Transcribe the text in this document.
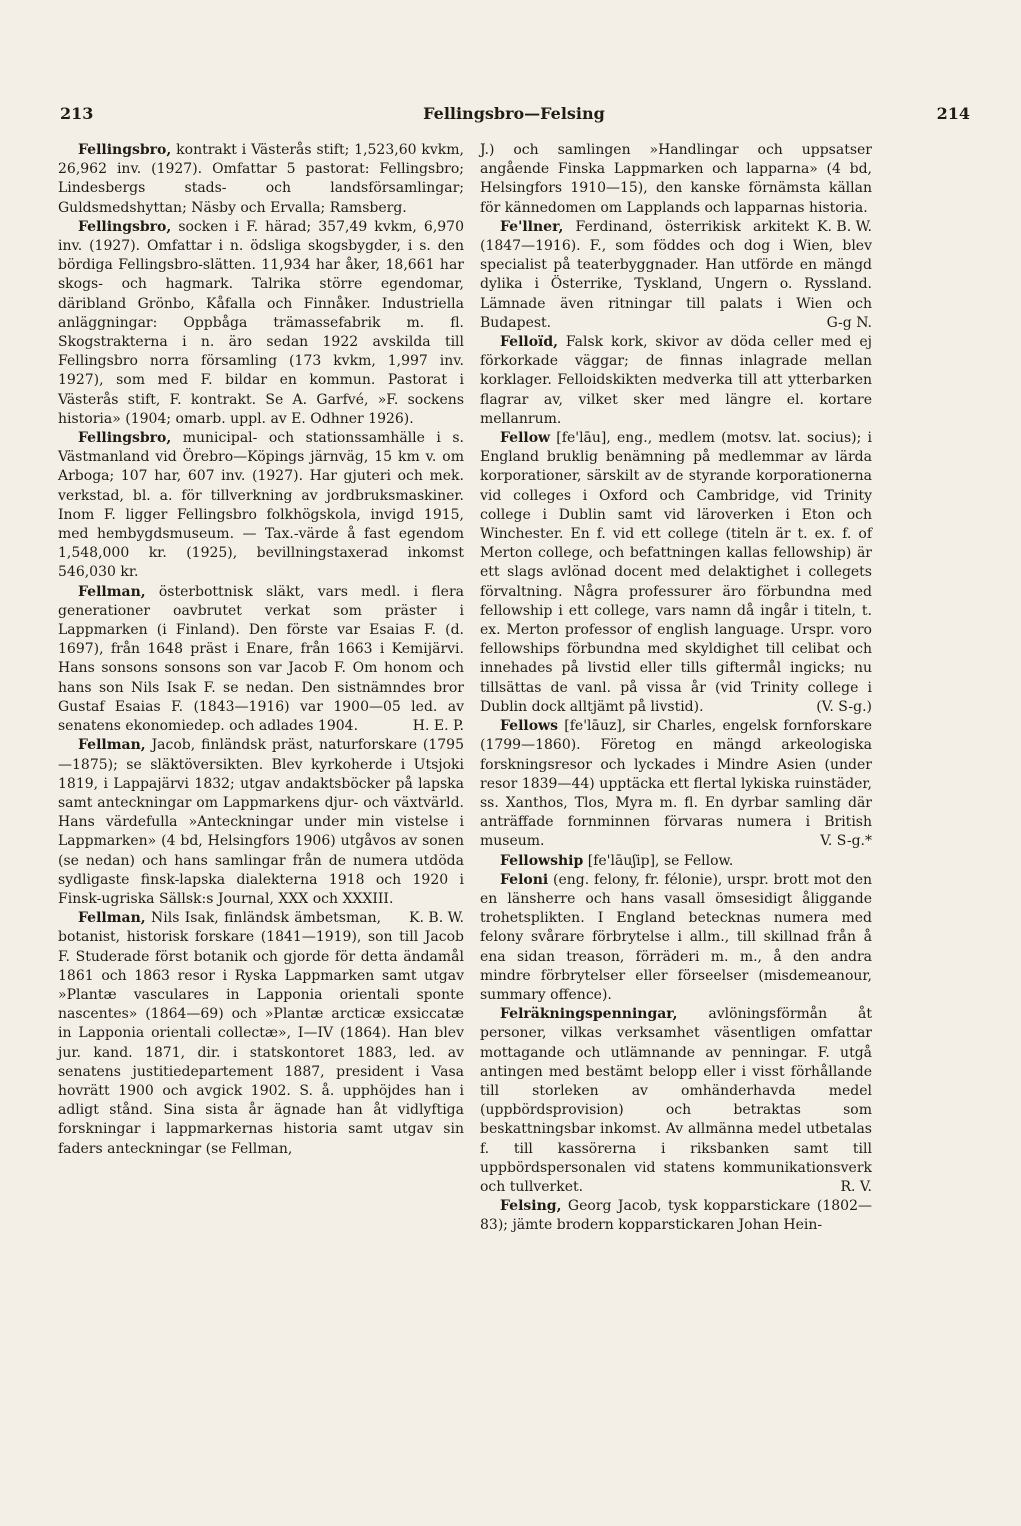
213	Fellingsbro—Felsing	214

Fellingsbro, kontrakt i Västerås stift; 1,523,60 kvkm, 26,962 inv. (1927). Omfattar 5 pastorat: Fellingsbro; Lindesbergs stads- och landsförsamlingar; Guldsmedshyttan; Näsby och Ervalla; Ramsberg.

Fellingsbro, socken i F. härad; 357,49 kvkm, 6,970 inv. (1927). Omfattar i n. ödsliga skogsbygder, i s. den bördiga Fellingsbro-slätten. 11,934 har åker, 18,661 har skogs- och hagmark. Talrika större egendomar, däribland Grönbo, Kåfalla och Finnåker. Industriella anläggningar: Oppbåga trämassefabrik m. fl. Skogstrakterna i n. äro sedan 1922 avskilda till Fellingsbro norra församling (173 kvkm, 1,997 inv. 1927), som med F. bildar en kommun. Pastorat i Västerås stift, F. kontrakt. Se A. Garfvé, »F. sockens historia» (1904; omarb. uppl. av E. Odhner 1926).

Fellingsbro, municipal- och stationssamhälle i s. Västmanland vid Örebro—Köpings järnväg, 15 km v. om Arboga; 107 har, 607 inv. (1927). Har gjuteri och mek. verkstad, bl. a. för tillverkning av jordbruksmaskiner. Inom F. ligger Fellingsbro folkhögskola, invigd 1915, med hembygdsmuseum. — Tax.-värde å fast egendom 1,548,000 kr. (1925), bevillningstaxerad inkomst 546,030 kr.

Fellman, österbottnisk släkt, vars medl. i flera generationer oavbrutet verkat som präster i Lappmarken (i Finland). Den förste var Esaias F. (d. 1697), från 1648 präst i Enare, från 1663 i Kemijärvi. Hans sonsons sonsons son var Jacob F. Om honom och hans son Nils Isak F. se nedan. Den sistnämndes bror Gustaf Esaias F. (1843—1916) var 1900—05 led. av senatens ekonomiedep. och adlades 1904.	H. E. P.

Fellman, Jacob, finländsk präst, naturforskare (1795—1875); se släktöversikten. Blev kyrkoherde i Utsjoki 1819, i Lappajärvi 1832; utgav andaktsböcker på lapska samt anteckningar om Lappmarkens djur- och växtvärld. Hans värdefulla »Anteckningar under min vistelse i Lappmarken» (4 bd, Helsingfors 1906) utgåvos av sonen (se nedan) och hans samlingar från de numera utdöda sydligaste finsk-lapska dialekterna 1918 och 1920 i Finsk-ugriska Sällsk:s Journal, XXX och XXXIII.
K. B. W.

Fellman, Nils Isak, finländsk ämbetsman, botanist, historisk forskare (1841—1919), son till Jacob F. Studerade först botanik och gjorde för detta ändamål 1861 och 1863 resor i Ryska Lappmarken samt utgav »Plantæ vasculares in Lapponia orientali sponte nascentes» (1864—69) och »Plantæ arcticæ exsiccatæ in Lapponia orientali collectæ», I—IV (1864). Han blev jur. kand. 1871, dir. i statskontoret 1883, led. av senatens justitiedepartement 1887, president i Vasa hovrätt 1900 och avgick 1902. S. å. upphöjdes han i adligt stånd. Sina sista år ägnade han åt vidlyftiga forskningar i lappmarkernas historia samt utgav sin faders anteckningar (se Fellman,

J.) och samlingen »Handlingar och uppsatser angående Finska Lappmarken och lapparna» (4 bd, Helsingfors 1910—15), den kanske förnämsta källan för kännedomen om Lapplands och lapparnas historia.
K. B. W.

Fe'llner, Ferdinand, österrikisk arkitekt (1847—1916). F., som föddes och dog i Wien, blev specialist på teaterbyggnader. Han utförde en mängd dylika i Österrike, Tyskland, Ungern o. Ryssland. Lämnade även ritningar till palats i Wien och Budapest.	G-g N.

Felloïd, Falsk kork, skivor av döda celler med ej förkorkade väggar; de finnas inlagrade mellan korklager. Felloidskikten medverka till att ytterbarken flagrar av, vilket sker med längre el. kortare mellanrum.

Fellow [fe'lāu], eng., medlem (motsv. lat. socius); i England bruklig benämning på medlemmar av lärda korporationer, särskilt av de styrande korporationerna vid colleges i Oxford och Cambridge, vid Trinity college i Dublin samt vid läroverken i Eton och Winchester. En f. vid ett college (titeln är t. ex. f. of Merton college, och befattningen kallas fellowship) är ett slags avlönad docent med delaktighet i collegets förvaltning. Några professurer äro förbundna med fellowship i ett college, vars namn då ingår i titeln, t. ex. Merton professor of english language. Urspr. voro fellowships förbundna med skyldighet till celibat och innehades på livstid eller tills giftermål ingicks; nu tillsättas de vanl. på vissa år (vid Trinity college i Dublin dock alltjämt på livstid).	(V. S-g.)

Fellows [fe'lāuz], sir Charles, engelsk fornforskare (1799—1860). Företog en mängd arkeologiska forskningsresor och lyckades i Mindre Asien (under resor 1839—44) upptäcka ett flertal lykiska ruinstäder, ss. Xanthos, Tlos, Myra m. fl. En dyrbar samling där anträffade fornminnen förvaras numera i British museum.	V. S-g.*

Fellowship [fe'lāuʃip], se Fellow.

Feloni (eng. felony, fr. félonie), urspr. brott mot den en länsherre och hans vasall ömsesidigt åliggande trohetsplikten. I England betecknas numera med felony svårare förbrytelse i allm., till skillnad från å ena sidan treason, förräderi m. m., å den andra mindre förbrytelser eller förseelser (misdemeanour, summary offence).

Felräkningspenningar, avlöningsförmån åt personer, vilkas verksamhet väsentligen omfattar mottagande och utlämnande av penningar. F. utgå antingen med bestämt belopp eller i visst förhållande till storleken av omhänderhavda medel (uppbördsprovision) och betraktas som beskattningsbar inkomst. Av allmänna medel utbetalas f. till kassörerna i riksbanken samt till uppbördspersonalen vid statens kommunikationsverk och tullverket.	R. V.

Felsing, Georg Jacob, tysk kopparstickare (1802—83); jämte brodern kopparstickaren Johan Hein-
